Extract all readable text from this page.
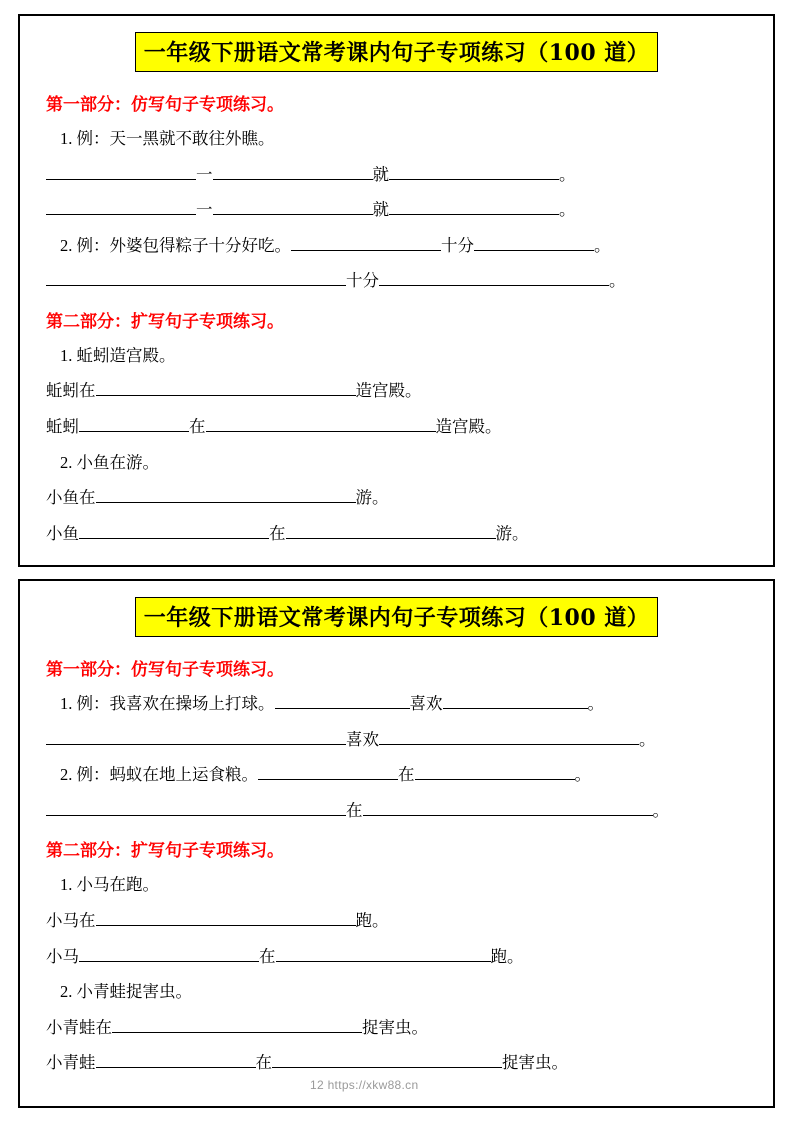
一年级下册语文常考课内句子专项练习（100 道）
第一部分：仿写句子专项练习。
1. 例：天一黑就不敢往外瞧。
一	就	。
一	就	。
2. 例：外婆包得粽子十分好吃。	十分	。
十分	。
第二部分：扩写句子专项练习。
1. 蚯蚓造宫殿。
蚯蚓在	造宫殿。
蚯蚓	在	造宫殿。
2. 小鱼在游。
小鱼在	游。
小鱼	在	游。
一年级下册语文常考课内句子专项练习（100 道）
第一部分：仿写句子专项练习。
1. 例：我喜欢在操场上打球。	喜欢	。
喜欢	。
2. 例：蚂蚁在地上运食粮。	在	。
在	。
第二部分：扩写句子专项练习。
1. 小马在跑。
小马在	跑。
小马	在	跑。
2. 小青蛙捉害虫。
小青蛙在	捉害虫。
小青蛙	在	捉害虫。
12 https://xkw88.cn
